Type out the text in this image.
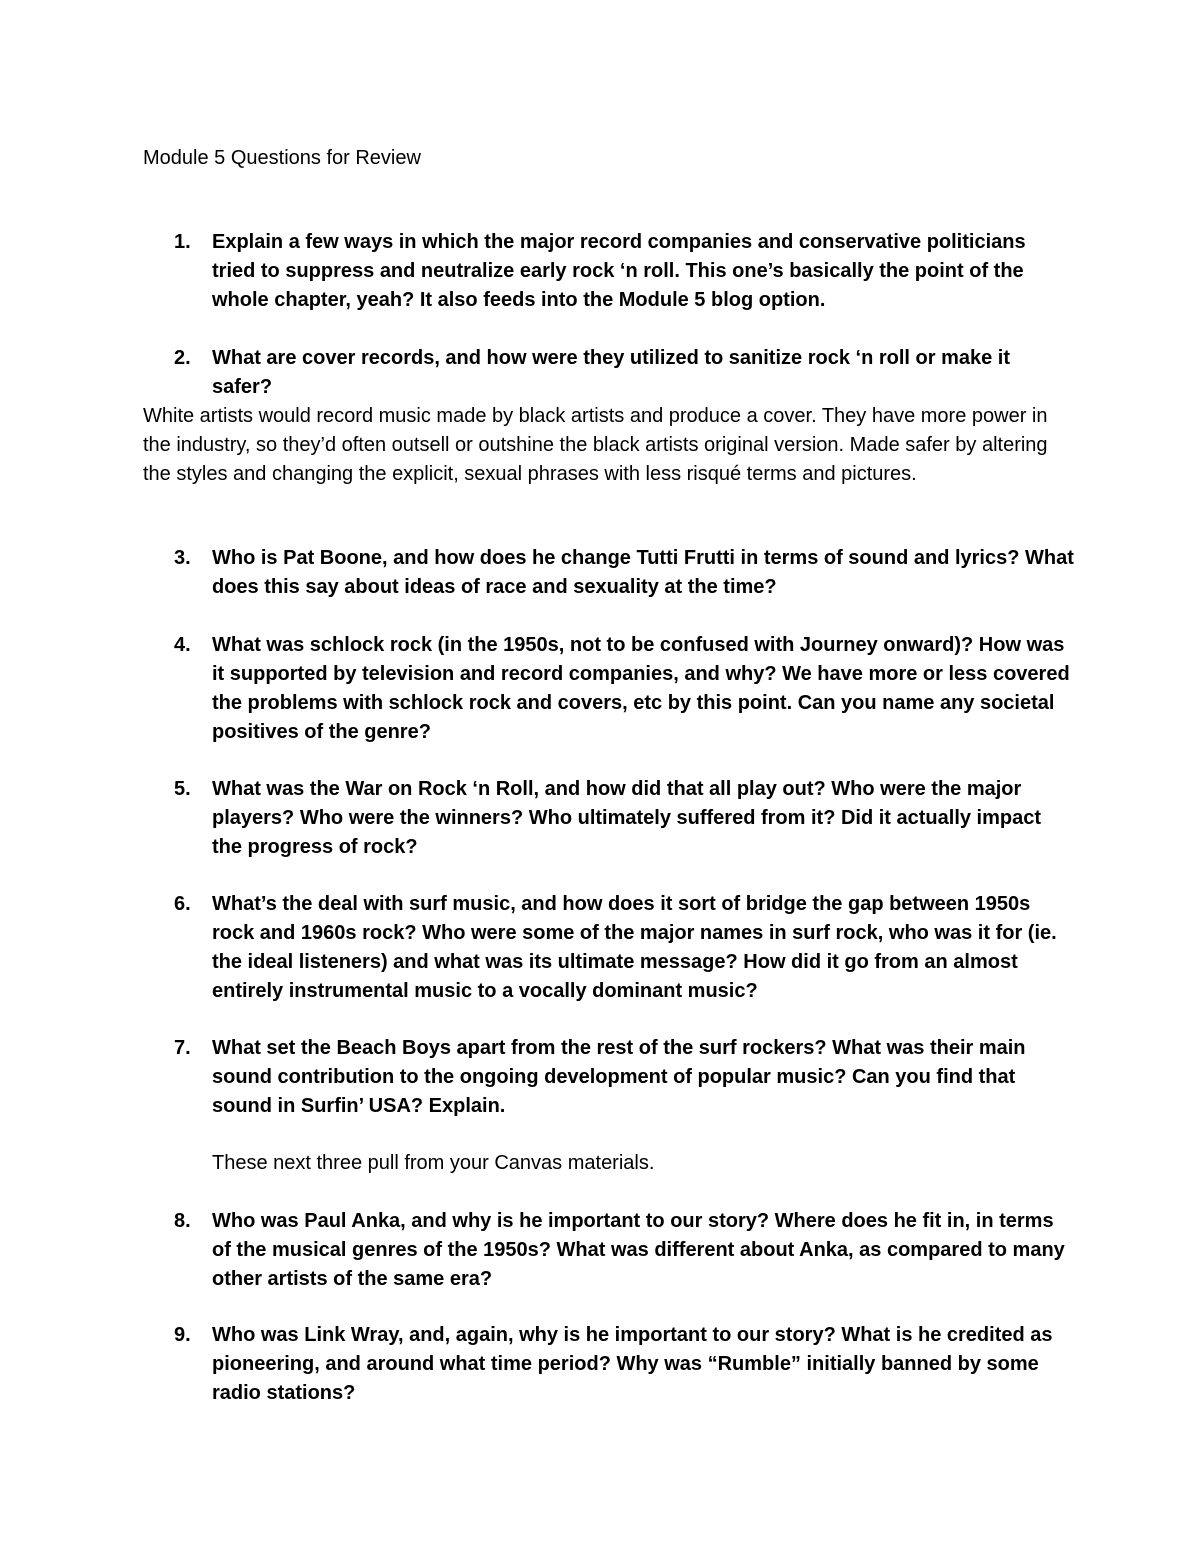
Module 5 Questions for Review
1.	Explain a few ways in which the major record companies and conservative politicians tried to suppress and neutralize early rock ‘n roll. This one’s basically the point of the whole chapter, yeah? It also feeds into the Module 5 blog option.
2.	What are cover records, and how were they utilized to sanitize rock ‘n roll or make it safer?
White artists would record music made by black artists and produce a cover. They have more power in the industry, so they’d often outsell or outshine the black artists original version. Made safer by altering the styles and changing the explicit, sexual phrases with less risqué terms and pictures.
3.	Who is Pat Boone, and how does he change Tutti Frutti in terms of sound and lyrics? What does this say about ideas of race and sexuality at the time?
4.	What was schlock rock (in the 1950s, not to be confused with Journey onward)? How was it supported by television and record companies, and why? We have more or less covered the problems with schlock rock and covers, etc by this point. Can you name any societal positives of the genre?
5.	What was the War on Rock ‘n Roll, and how did that all play out? Who were the major players? Who were the winners? Who ultimately suffered from it? Did it actually impact the progress of rock?
6.	What’s the deal with surf music, and how does it sort of bridge the gap between 1950s rock and 1960s rock? Who were some of the major names in surf rock, who was it for (ie. the ideal listeners) and what was its ultimate message? How did it go from an almost entirely instrumental music to a vocally dominant music?
7.	What set the Beach Boys apart from the rest of the surf rockers? What was their main sound contribution to the ongoing development of popular music? Can you find that sound in Surfin’ USA? Explain.
These next three pull from your Canvas materials.
8.	Who was Paul Anka, and why is he important to our story? Where does he fit in, in terms of the musical genres of the 1950s? What was different about Anka, as compared to many other artists of the same era?
9.	Who was Link Wray, and, again, why is he important to our story? What is he credited as pioneering, and around what time period? Why was “Rumble” initially banned by some radio stations?
